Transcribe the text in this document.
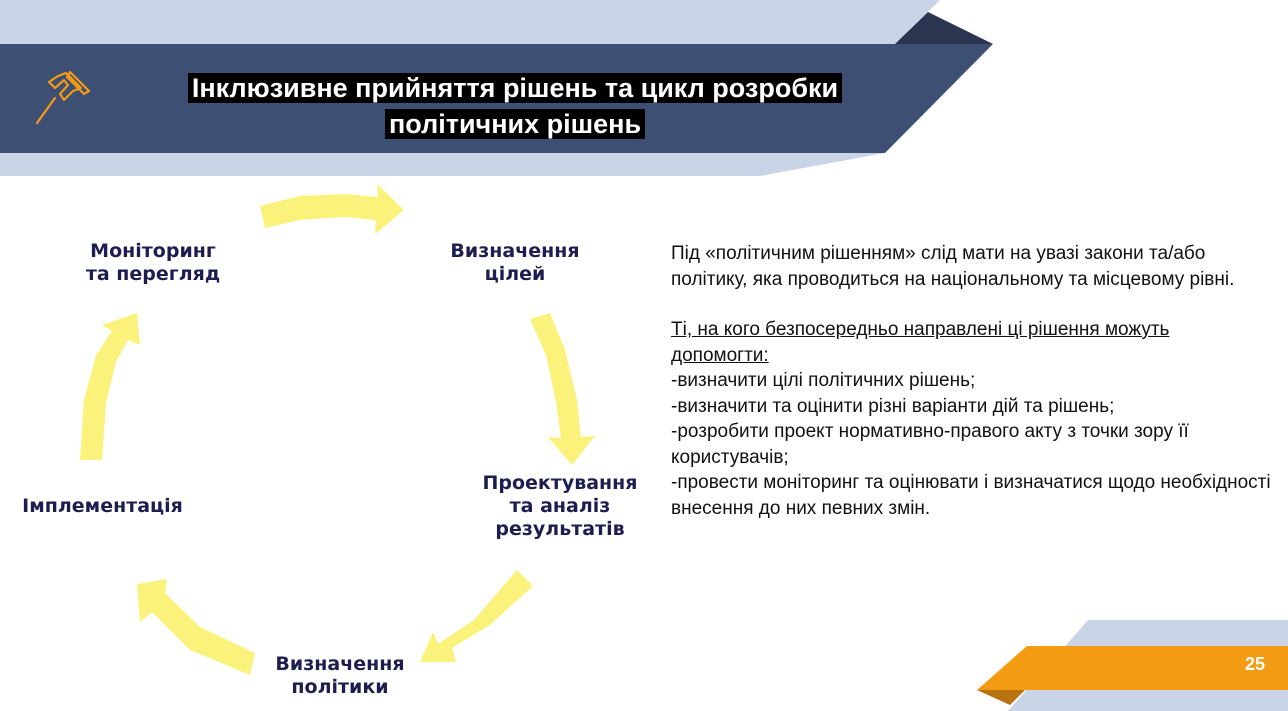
Інклюзивне прийняття рішень та цикл розробки
політичних рішень
Визначення
цілей
Проектування
та аналіз
результатів
Визначення
політики
Імплементація
Моніторинг
та перегляд

Під «політичним рішенням» слід мати на увазі закони та/або політику, яка проводиться на національному та місцевому рівні.

Ті, на кого безпосередньо направлені ці рішення можуть допомогти:

-визначити цілі політичних рішень;

-визначити та оцінити різні варіанти дій та рішень;

-розробити проект нормативно-правого акту з точки зору її користувачів;

-провести моніторинг та оцінювати і визначатися щодо необхідності внесення до них певних змін.

25
